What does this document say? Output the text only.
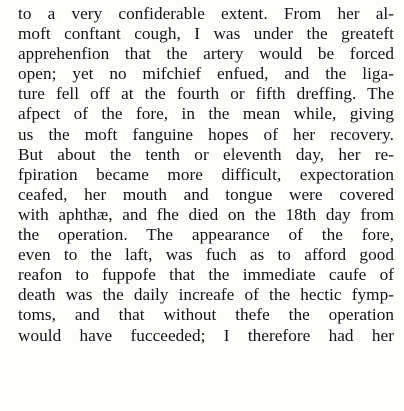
to a very confiderable extent. From her al-
moft conftant cough, I was under the greateft
apprehenfion that the artery would be forced
open; yet no mifchief enfued, and the liga-
ture fell off at the fourth or fifth dreffing. The
afpect of the fore, in the mean while, giving
us the moft fanguine hopes of her recovery.
But about the tenth or eleventh day, her re-
fpiration became more difficult, expectoration
ceafed, her mouth and tongue were covered
with aphthæ, and fhe died on the 18th day from
the operation. The appearance of the fore,
even to the laft, was fuch as to afford good
reafon to fuppofe that the immediate caufe of
death was the daily increafe of the hectic fymp-
toms, and that without thefe the operation
would have fucceeded; I therefore had her
